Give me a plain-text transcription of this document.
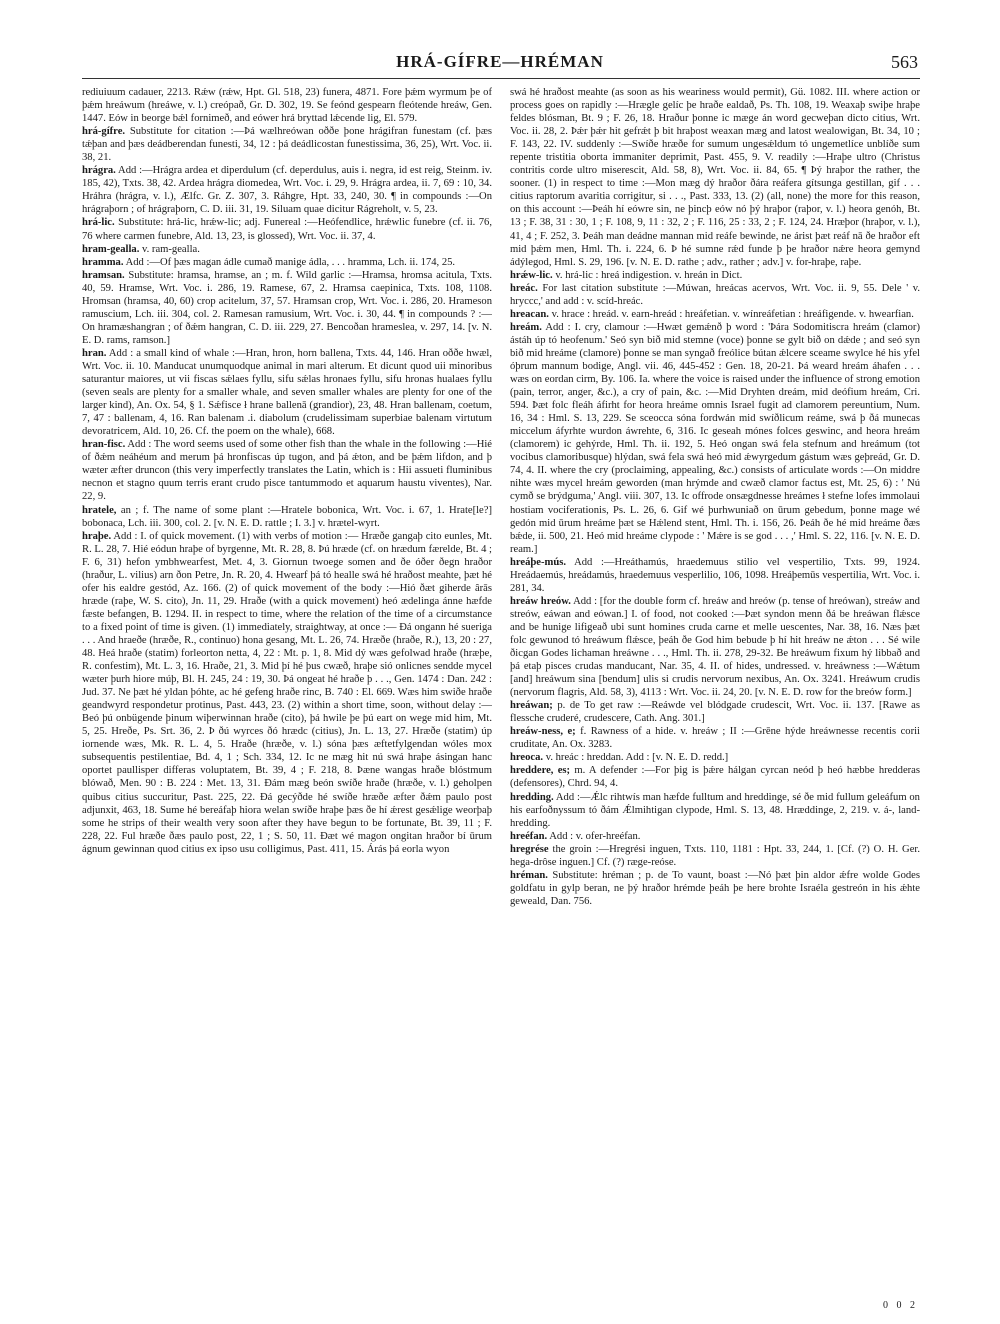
HRÁ-GÍFRE—HRÉMAN	563

rediuiuum cadauer, 2213. Rǽw (rǽw, Hpt. Gl. 518, 23) funera, 4871. Fore þǽm wyrmum þe of þǽm hreáwum (hreáwe, v. l.) creópað, Gr. D. 302, 19. Se feónd gespearn fleótende hreáw, Gen. 1447. Eów in beorge bǽl fornimeð, and eówer hrá bryttad lǽcende lig, El. 579.

hrá-gífre. Substitute for citation :—Þá wælhreówan oððe þone hrágifran funestam (cf. þæs tǽþan and þæs deádberendan funesti, 34, 12 : þá deádlicostan funestissima, 36, 25), Wrt. Voc. ii. 38, 21.

hrágra. Add :—Hrágra ardea et diperdulum (cf. deperdulus, auis i. negra, id est reig, Steinm. iv. 185, 42), Txts. 38, 42. Ardea hrágra diomedea, Wrt. Voc. i. 29, 9. Hrágra ardea, ii. 7, 69 : 10, 34. Hráhra (hrágra, v. l.), Ælfc. Gr. Z. 307, 3. Ráhgre, Hpt. 33, 240, 30. ¶ in compounds :—On hrágraþorn ; of hrágraþorn, C. D. iii. 31, 19. Siluam quae dicitur Rágreholt, v. 5, 23.

hrá-lic. Substitute: hrá-lic, hrǽw-lic; adj. Funereal :—Heófendlice, hrǽwlic funebre (cf. ii. 76, 76 where carmen funebre, Ald. 13, 23, is glossed), Wrt. Voc. ii. 37, 4.

hram-gealla. v. ram-gealla.

hramma. Add :—Of þæs magan ádle cumað manige ádla, . . . hramma, Lch. ii. 174, 25.

hramsan. Substitute: hramsa, hramse, an ; m. f. Wild garlic :—Hramsa, hromsa acitula, Txts. 40, 59. Hramse, Wrt. Voc. i. 286, 19. Ramese, 67, 2. Hramsa caepinica, Txts. 108, 1108. Hromsan (hramsa, 40, 60) crop acitelum, 37, 57. Hramsan crop, Wrt. Voc. i. 286, 20. Hrameson ramuscium, Lch. iii. 304, col. 2. Ramesan ramusium, Wrt. Voc. i. 30, 44. ¶ in compounds ? :—On hramæshangran ; of ðǽm hangran, C. D. iii. 229, 27. Bencoðan hrameslea, v. 297, 14. [v. N. E. D. rams, ramson.]

hran. Add : a small kind of whale :—Hran, hron, horn ballena, Txts. 44, 146. Hran oððe hwæl, Wrt. Voc. ii. 10. Manducat unumquodque animal in mari alterum. Et dicunt quod uii minoribus saturantur maiores, ut vii fiscas sǽlaes fyllu, sifu sǽlas hronaes fyllu, sifu hronas hualaes fyllu (seven seals are plenty for a smaller whale, and seven smaller whales are plenty for one of the larger kind), An. Ox. 54, § 1. Sǽfisce ł hrane ballenā (grandior), 23, 48. Hran ballenam, coetum, 7, 47 : ballenam, 4, 16. Ran balenam .i. diabolum (crudelissimam superbiae balenam virtutum devoratricem, Ald. 10, 26. Cf. the poem on the whale), 668.

hran-fisc. Add : The word seems used of some other fish than the whale in the following :—Hié of ðǽm neáhéum and merum þá hronfiscas úp tugon, and þá ǽton, and be þǽm lifdon, and þ wæter æfter druncon (this very imperfectly translates the Latin, which is : Hii assueti fluminibus necnon et stagno quum terris erant crudo pisce tantummodo et aquarum haustu viventes), Nar. 22, 9.

hratele, an ; f. The name of some plant :—Hratele bobonica, Wrt. Voc. i. 67, 1. Hrate[le?] bobonaca, Lch. iii. 300, col. 2. [v. N. E. D. rattle ; I. 3.] v. hrætel-wyrt.

hraþe. Add : I. of quick movement. (1) with verbs of motion :— Hræðe gangaþ cito eunles, Mt. R. L. 28, 7. Hié eódun hraþe of byrgenne, Mt. R. 28, 8. Þú hræde (cf. on hrædum færelde, Bt. 4 ; F. 6, 31) hefon ymbhwearfest, Met. 4, 3. Giornun twoege somen and ðe óðer ðegn hraðor (hraður, L. vilius) arn ðon Petre, Jn. R. 20, 4. Hwearf þá tó healle swá hé hraðost meahte, þæt hé ofer his ealdre gestód, Az. 166. (2) of quick movement of the body :—Hió ðæt giherde ârās hræde (raþe, W. S. cito), Jn. 11, 29. Hraðe (with a quick movement) heó ædelinga ánne hæfde fæste befangen, B. 1294. II. in respect to time, where the relation of the time of a circumstance to a fixed point of time is given. (1) immediately, straightway, at once :— Ðá ongann hé sueriga . . . And hraeðe (hræðe, R., continuo) hona gesang, Mt. L. 26, 74. Hræðe (hraðe, R.), 13, 20 : 27, 48. Heá hraðe (statim) forleorton netta, 4, 22 : Mt. p. 1, 8. Mid dý wæs gefolwad hraðe (hræþe, R. confestim), Mt. L. 3, 16. Hraðe, 21, 3. Mid þí hé þus cwæð, hraþe sió onlicnes sendde mycel wæter þurh hiore múþ, Bl. H. 245, 24 : 19, 30. Þá ongeat hé hraðe þ . . ., Gen. 1474 : Dan. 242 : Jud. 37. Ne þæt hé yldan þóhte, ac hé gefeng hraðe rinc, B. 740 : El. 669. Wæs him swiðe hraðe geandwyrd respondetur protinus, Past. 443, 23. (2) within a short time, soon, without delay :— Beó þú onbügende þinum wiþerwinnan hraðe (cito), þá hwile þe þú eart on wege mid him, Mt. 5, 25. Hreðe, Ps. Srt. 36, 2. Þ ðú wyrces ðó hrædc (citius), Jn. L. 13, 27. Hræðe (statim) úp iornende wæs, Mk. R. L. 4, 5. Hraðe (hræðe, v. l.) sóna þæs æftetfylgendan wóles mox subsequentis pestilentiae, Bd. 4, 1 ; Sch. 334, 12. Ic ne mæg hit nú swá hraþe ásingan hanc oportet paullisper differas voluptatem, Bt. 39, 4 ; F. 218, 8. Þæne wangas hraðe blóstmum blówað, Men. 90 : B. 224 : Met. 13, 31. Ðám mæg beón swíðe hraðe (hræðe, v. l.) geholpen quibus citius succuritur, Past. 225, 22. Ðá gecýðde hé swíðe hræðe æfter ðǽm paulo post adjunxit, 463, 18. Sume hé bereáfaþ hiora welan swíðe hraþe þæs ðe hí ǽrest gesǽlige weorþaþ some he strips of their wealth very soon after they have begun to be fortunate, Bt. 39, 11 ; F. 228, 22. Ful hræðe ðæs paulo post, 22, 1 ; S. 50, 11. Ðæt wé magon ongitan hraðor bí ūrum ágnum gewinnan quod citius ex ipso usu colligimus, Past. 411, 15. Árás þá eorla wyon

swá hé hraðost meahte (as soon as his weariness would permit), Gü. 1082. III. where action or process goes on rapidly :—Hrægle gelíc þe hraðe ealdað, Ps. Th. 108, 19. Weaxaþ swiþe hraþe feldes blósman, Bt. 9 ; F. 26, 18. Hraður þonne ic mæge án word gecweþan dicto citius, Wrt. Voc. ii. 28, 2. Þǽr þǽr hit gefrǽt þ bit hraþost weaxan mæg and latost wealowigan, Bt. 34, 10 ; F. 143, 22. IV. suddenly :—Swíðe hræðe for sumum ungesǽldum tó ungemetlíce unblíðe sum repente tristitia oborta immaniter deprimit, Past. 455, 9. V. readily :—Hraþe ultro (Christus contritis corde ultro miserescit, Ald. 58, 8), Wrt. Voc. ii. 84, 65. ¶ Þý hraþor the rather, the sooner. (1) in respect to time :—Mon mæg dý hraðor ðára reáfera gítsunga gestillan, gif . . . citius raptorum avaritia corrigitur, si . . ., Past. 333, 13. (2) (all, none) the more for this reason, on this account :—Þeáh hí eówre sin, ne þincþ eów nó þý hraþor (raþor, v. l.) heora genóh, Bt. 13 ; F. 38, 31 : 30, 1 ; F. 108, 9, 11 : 32, 2 ; F. 116, 25 : 33, 2 ; F. 124, 24. Hræþor (hraþor, v. l.), 41, 4 ; F. 252, 3. Þeáh man deádne mannan mid reáfe bewinde, ne árist þæt reáf nā ðe hraðor eft mid þǽm men, Hml. Th. i. 224, 6. Þ hé sumne rǽd funde þ þe hraðor nǽre heora gemynd ádýlegod, Hml. S. 29, 196. [v. N. E. D. rathe ; adv., rather ; adv.] v. for-hraþe, raþe.

hrǽw-lic. v. hrá-lic : hreá indigestion. v. hreán in Dict.

hreác. For last citation substitute :—Múwan, hreácas acervos, Wrt. Voc. ii. 9, 55. Dele ' v. hryccc,' and add : v. scíd-hreác.

hreacan. v. hrace : hreád. v. earn-hreád : hreáfetian. v. wínreáfetian : hreáfigende. v. hwearfian.

hreám. Add : I. cry, clamour :—Hwæt gemǽnð þ word : 'Þára Sodomitiscra hreám (clamor) ástáh úp tó heofenum.' Seó syn bið mid stemne (voce) þonne se gylt bið on dǽde ; and seó syn bið mid hreáme (clamore) þonne se man syngað freólice bútan ǽlcere sceame swylce hé his yfel óþrum mannum bodige, Angl. vii. 46, 445-452 : Gen. 18, 20-21. Þá weard hreám áhafen . . . wæs on eordan cirm, By. 106. Ia. where the voice is raised under the influence of strong emotion (pain, terror, anger, &c.), a cry of pain, &c. :—Mid Dryhten dreám, mid deófium hreám, Cri. 594. Þæt folc fleáh áfirht for heora hreáme omnis Israel fugit ad clamorem pereuntium, Num. 16, 34 : Hml. S. 13, 229. Se sceocca sóna fordwán mid swíðlicum reáme, swá þ ðá munecas miccelum áfyrhte wurdon áwrehte, 6, 316. Ic geseah mónes folces geswinc, and heora hreám (clamorem) ic gehýrde, Hml. Th. ii. 192, 5. Heó ongan swá fela stefnum and hreámum (tot vocibus clamoribusque) hlýdan, swá fela swá heó mid ǽwyrgedum gástum wæs geþreád, Gr. D. 74, 4. II. where the cry (proclaiming, appealing, &c.) consists of articulate words :—On middre nihte wæs mycel hreám geworden (man hrýmde and cwæð clamor factus est, Mt. 25, 6) : ' Nú cymð se brýdguma,' Angl. viii. 307, 13. Ic offrode onsægdnesse hreámes ł stefne lofes immolaui hostiam vociferationis, Ps. L. 26, 6. Gif wé þurhwuniað on ūrum gebedum, þonne mage wé gedón mid ūrum hreáme þæt se Hǽlend stent, Hml. Th. i. 156, 26. Þeáh ðe hé mid hreáme ðæs bǽde, ii. 500, 21. Heó mid hreáme clypode : ' Mǽre is se god . . . ,' Hml. S. 22, 116. [v. N. E. D. ream.]

hreáþe-mús. Add :—Hreáthamús, hraedemuus stilio vel vespertilio, Txts. 99, 1924. Hreádaemús, hreádamús, hraedemuus vesperlilio, 106, 1098. Hreáþemūs vespertilia, Wrt. Voc. i. 281, 34.

hreáw hreów. Add : [for the double form cf. hreáw and hreów (p. tense of hreówan), streáw and streów, eáwan and eówan.] I. of food, not cooked :—Þæt syndon menn ðá be hreáwan flǽsce and be hunige lifigeað ubi sunt homines cruda carne et melle uescentes, Nar. 38, 16. Næs þæt folc gewunod tó hreáwum flǽsce, þeáh ðe God him bebude þ hí hit hreáw ne ǽton . . . Sé wile ðicgan Godes lichaman hreáwne . . ., Hml. Th. ii. 278, 29-32. Be hreáwum fixum hý libbað and þá etaþ pisces crudas manducant, Nar. 35, 4. II. of hides, undressed. v. hreáwness :—Wǽtum [and] hreáwum sina [bendum] ulis si crudis nervorum nexibus, An. Ox. 3241. Hreáwum crudis (nervorum flagris, Ald. 58, 3), 4113 : Wrt. Voc. ii. 24, 20. [v. N. E. D. row for the breów form.]

hreáwan; p. de To get raw :—Reáwde vel blódgade crudescit, Wrt. Voc. ii. 137. [Rawe as flessche cruderé, crudescere, Cath. Ang. 301.]

hreáw-ness, e; f. Rawness of a hide. v. hreáw ; II :—Grēne hýde hreáwnesse recentis corii cruditate, An. Ox. 3283.

hreoca. v. hreác : hreddan. Add : [v. N. E. D. redd.]

hreddere, es; m. A defender :—For þig is þǽre hálgan cyrcan neód þ heó hæbbe hredderas (defensores), Chrd. 94, 4.

hredding. Add :—Ǽlc rihtwís man hæfde fulltum and hreddinge, sé ðe mid fullum geleáfum on his earfoðnyssum tó ðám Ǽlmihtigan clypode, Hml. S. 13, 48. Hræddinge, 2, 219. v. á-, land-hredding.

hreéfan. Add : v. ofer-hreéfan.

hregrése the groin :—Hregrési inguen, Txts. 110, 1181 : Hpt. 33, 244, 1. [Cf. (?) O. H. Ger. hega-drôse inguen.] Cf. (?) ræge-reóse.

hréman. Substitute: hréman ; p. de To vaunt, boast :—Nó þæt þin aldor ǽfre wolde Godes goldfatu in gylp beran, ne þý hraðor hrémde þeáh þe here brohte Israéla gestreón in his ǽhte geweald, Dan. 756.

0 0 2
